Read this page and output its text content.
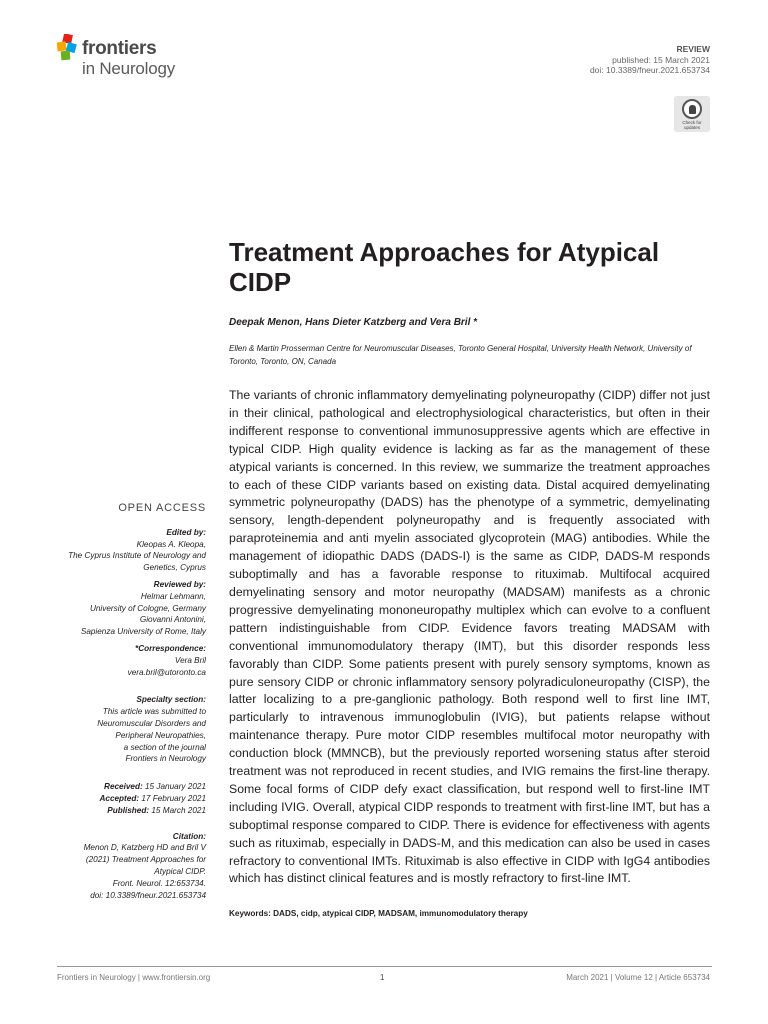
frontiers
in Neurology
REVIEW
published: 15 March 2021
doi: 10.3389/fneur.2021.653734
Check for
updates
Treatment Approaches for Atypical CIDP
Deepak Menon, Hans Dieter Katzberg and Vera Bril *
Ellen & Martin Prosserman Centre for Neuromuscular Diseases, Toronto General Hospital, University Health Network, University of Toronto, Toronto, ON, Canada
The variants of chronic inflammatory demyelinating polyneuropathy (CIDP) differ not just in their clinical, pathological and electrophysiological characteristics, but often in their indifferent response to conventional immunosuppressive agents which are effective in typical CIDP. High quality evidence is lacking as far as the management of these atypical variants is concerned. In this review, we summarize the treatment approaches to each of these CIDP variants based on existing data. Distal acquired demyelinating symmetric polyneuropathy (DADS) has the phenotype of a symmetric, demyelinating sensory, length-dependent polyneuropathy and is frequently associated with paraproteinemia and anti myelin associated glycoprotein (MAG) antibodies. While the management of idiopathic DADS (DADS-I) is the same as CIDP, DADS-M responds suboptimally and has a favorable response to rituximab. Multifocal acquired demyelinating sensory and motor neuropathy (MADSAM) manifests as a chronic progressive demyelinating mononeuropathy multiplex which can evolve to a confluent pattern indistinguishable from CIDP. Evidence favors treating MADSAM with conventional immunomodulatory therapy (IMT), but this disorder responds less favorably than CIDP. Some patients present with purely sensory symptoms, known as pure sensory CIDP or chronic inflammatory sensory polyradiculoneuropathy (CISP), the latter localizing to a pre-ganglionic pathology. Both respond well to first line IMT, particularly to intravenous immunoglobulin (IVIG), but patients relapse without maintenance therapy. Pure motor CIDP resembles multifocal motor neuropathy with conduction block (MMNCB), but the previously reported worsening status after steroid treatment was not reproduced in recent studies, and IVIG remains the first-line therapy. Some focal forms of CIDP defy exact classification, but respond well to first-line IMT including IVIG. Overall, atypical CIDP responds to treatment with first-line IMT, but has a suboptimal response compared to CIDP. There is evidence for effectiveness with agents such as rituximab, especially in DADS-M, and this medication can also be used in cases refractory to conventional IMTs. Rituximab is also effective in CIDP with IgG4 antibodies which has distinct clinical features and is mostly refractory to first-line IMT.
Keywords: DADS, cidp, atypical CIDP, MADSAM, immunomodulatory therapy
OPEN ACCESS
Edited by:
Kleopas A. Kleopa,
The Cyprus Institute of Neurology and
Genetics, Cyprus
Reviewed by:
Helmar Lehmann,
University of Cologne, Germany
Giovanni Antonini,
Sapienza University of Rome, Italy
*Correspondence:
Vera Bril
vera.bril@utoronto.ca
Specialty section:
This article was submitted to
Neuromuscular Disorders and
Peripheral Neuropathies,
a section of the journal
Frontiers in Neurology
Received: 15 January 2021
Accepted: 17 February 2021
Published: 15 March 2021
Citation:
Menon D, Katzberg HD and Bril V
(2021) Treatment Approaches for
Atypical CIDP.
Front. Neurol. 12:653734.
doi: 10.3389/fneur.2021.653734
Frontiers in Neurology | www.frontiersin.org	1	March 2021 | Volume 12 | Article 653734
